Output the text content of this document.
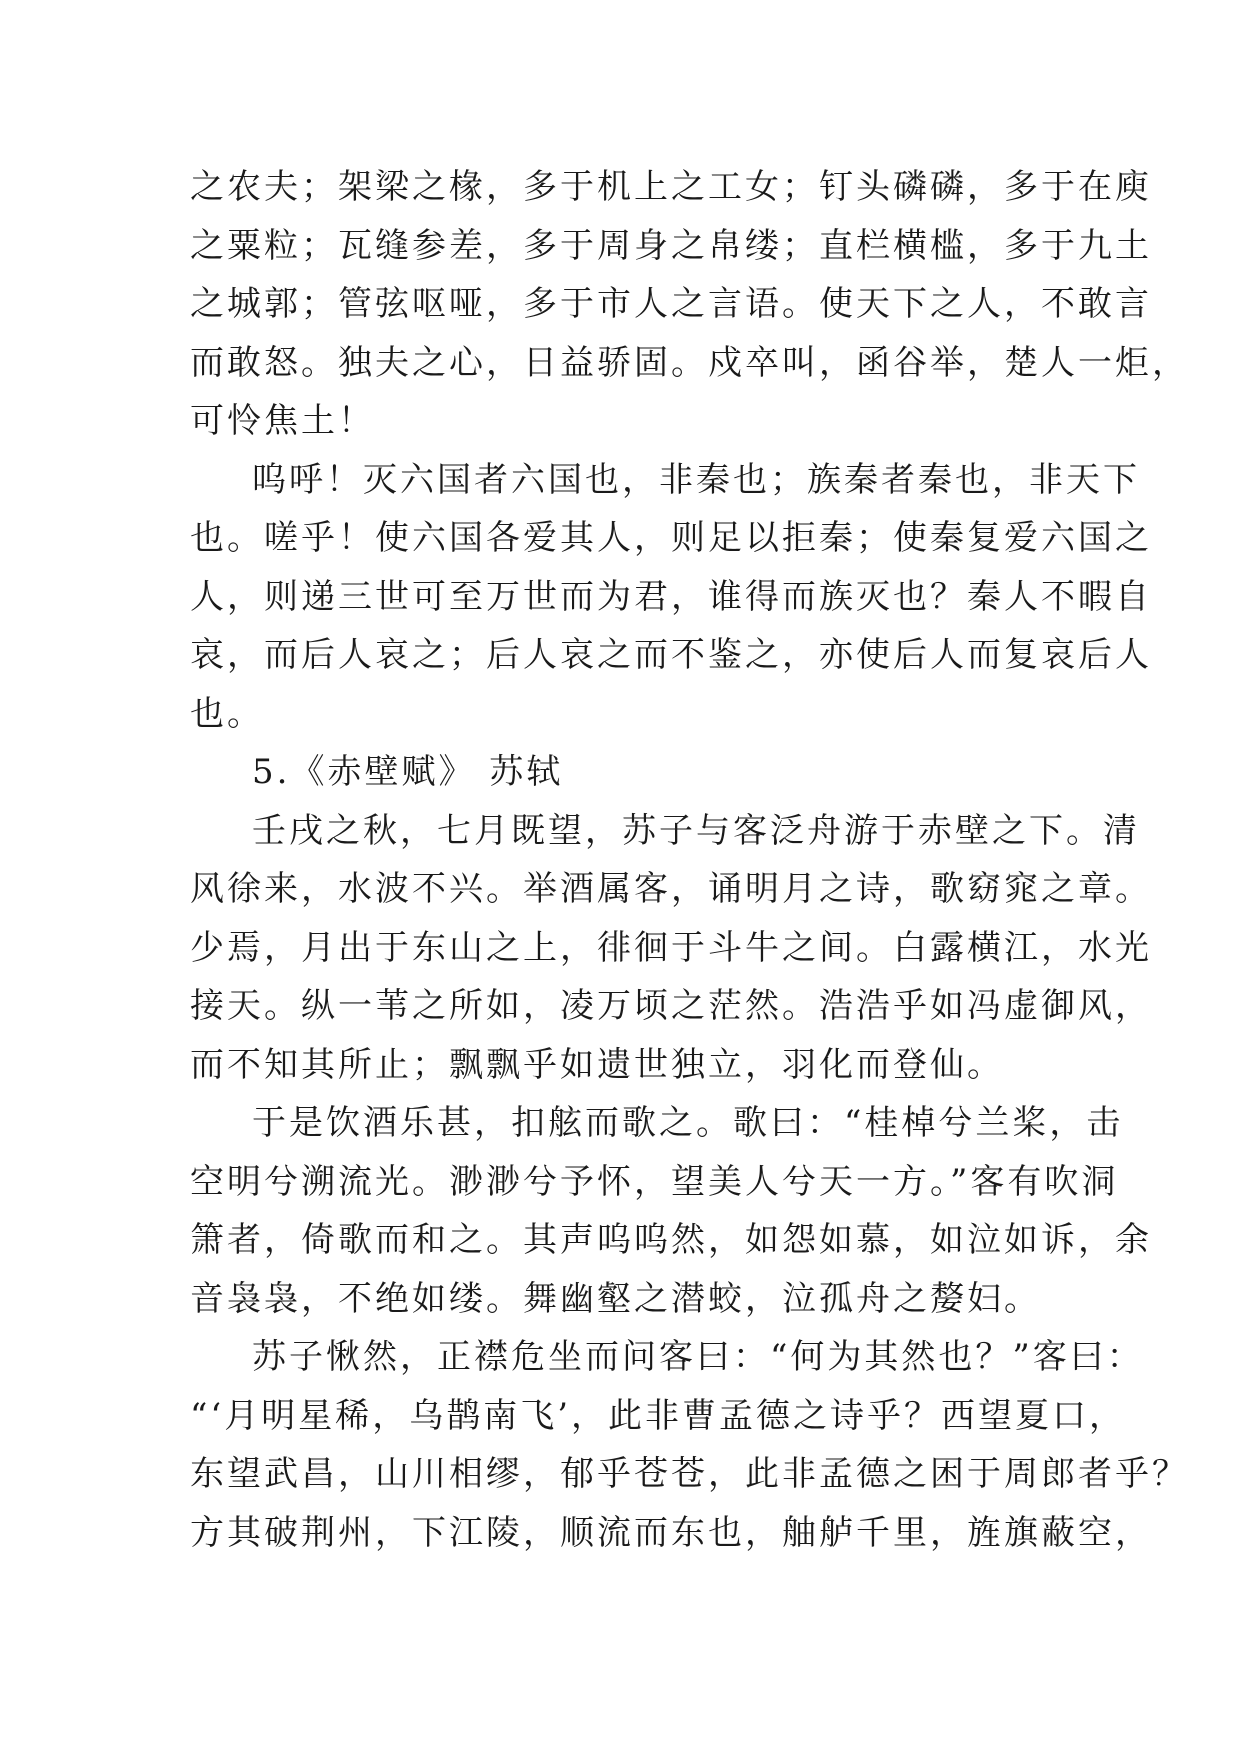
之农夫；架梁之椽，多于机上之工女；钉头磷磷，多于在庾
之粟粒；瓦缝参差，多于周身之帛缕；直栏横槛，多于九土
之城郭；管弦呕哑，多于市人之言语。使天下之人，不敢言
而敢怒。独夫之心，日益骄固。戍卒叫，函谷举，楚人一炬，
可怜焦土！
呜呼！灭六国者六国也，非秦也；族秦者秦也，非天下
也。嗟乎！使六国各爱其人，则足以拒秦；使秦复爱六国之
人，则递三世可至万世而为君，谁得而族灭也？秦人不暇自
哀，而后人哀之；后人哀之而不鉴之，亦使后人而复哀后人
也。
5.《赤壁赋》 苏轼
壬戌之秋，七月既望，苏子与客泛舟游于赤壁之下。清
风徐来，水波不兴。举酒属客，诵明月之诗，歌窈窕之章。
少焉，月出于东山之上，徘徊于斗牛之间。白露横江，水光
接天。纵一苇之所如，凌万顷之茫然。浩浩乎如冯虚御风，
而不知其所止；飘飘乎如遗世独立，羽化而登仙。
于是饮酒乐甚，扣舷而歌之。歌曰：“桂棹兮兰桨，击
空明兮溯流光。渺渺兮予怀，望美人兮天一方。”客有吹洞
箫者，倚歌而和之。其声呜呜然，如怨如慕，如泣如诉，余
音袅袅，不绝如缕。舞幽壑之潜蛟，泣孤舟之嫠妇。
苏子愀然，正襟危坐而问客曰：“何为其然也？”客曰：
“‘月明星稀，乌鹊南飞’，此非曹孟德之诗乎？西望夏口，
东望武昌，山川相缪，郁乎苍苍，此非孟德之困于周郎者乎？
方其破荆州，下江陵，顺流而东也，舳舻千里，旌旗蔽空，
